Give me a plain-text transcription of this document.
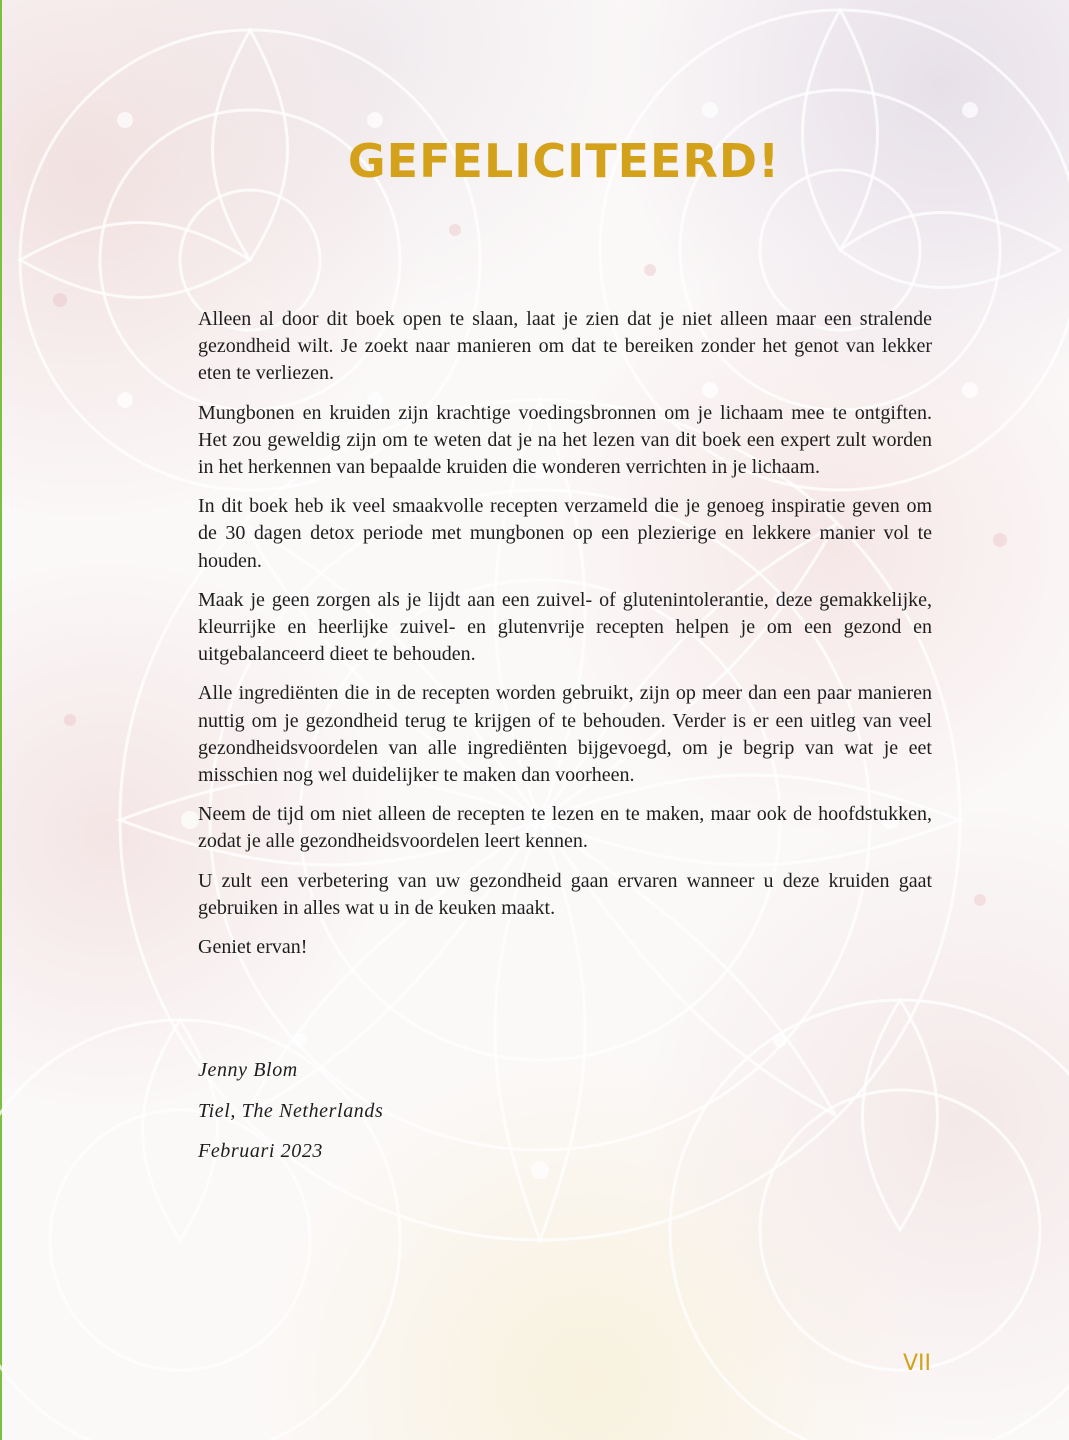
GEFELICITEERD!

Alleen al door dit boek open te slaan, laat je zien dat je niet alleen maar een stralende gezondheid wilt. Je zoekt naar manieren om dat te bereiken zonder het genot van lekker eten te verliezen.

Mungbonen en kruiden zijn krachtige voedingsbronnen om je lichaam mee te ontgiften. Het zou geweldig zijn om te weten dat je na het lezen van dit boek een expert zult worden in het herkennen van bepaalde kruiden die wonderen verrichten in je lichaam.

In dit boek heb ik veel smaakvolle recepten verzameld die je genoeg inspiratie geven om de 30 dagen detox periode met mungbonen op een plezierige en lekkere manier vol te houden.

Maak je geen zorgen als je lijdt aan een zuivel- of glutenintolerantie, deze gemakkelijke, kleurrijke en heerlijke zuivel- en glutenvrije recepten helpen je om een gezond en uitgebalanceerd dieet te behouden.

Alle ingrediënten die in de recepten worden gebruikt, zijn op meer dan een paar manieren nuttig om je gezondheid terug te krijgen of te behouden. Verder is er een uitleg van veel gezondheidsvoordelen van alle ingrediënten bijgevoegd, om je begrip van wat je eet misschien nog wel duidelijker te maken dan voorheen.

Neem de tijd om niet alleen de recepten te lezen en te maken, maar ook de hoofdstukken, zodat je alle gezondheidsvoordelen leert kennen.

U zult een verbetering van uw gezondheid gaan ervaren wanneer u deze kruiden gaat gebruiken in alles wat u in de keuken maakt.

Geniet ervan!

Jenny Blom
Tiel, The Netherlands
Februari 2023
VII
